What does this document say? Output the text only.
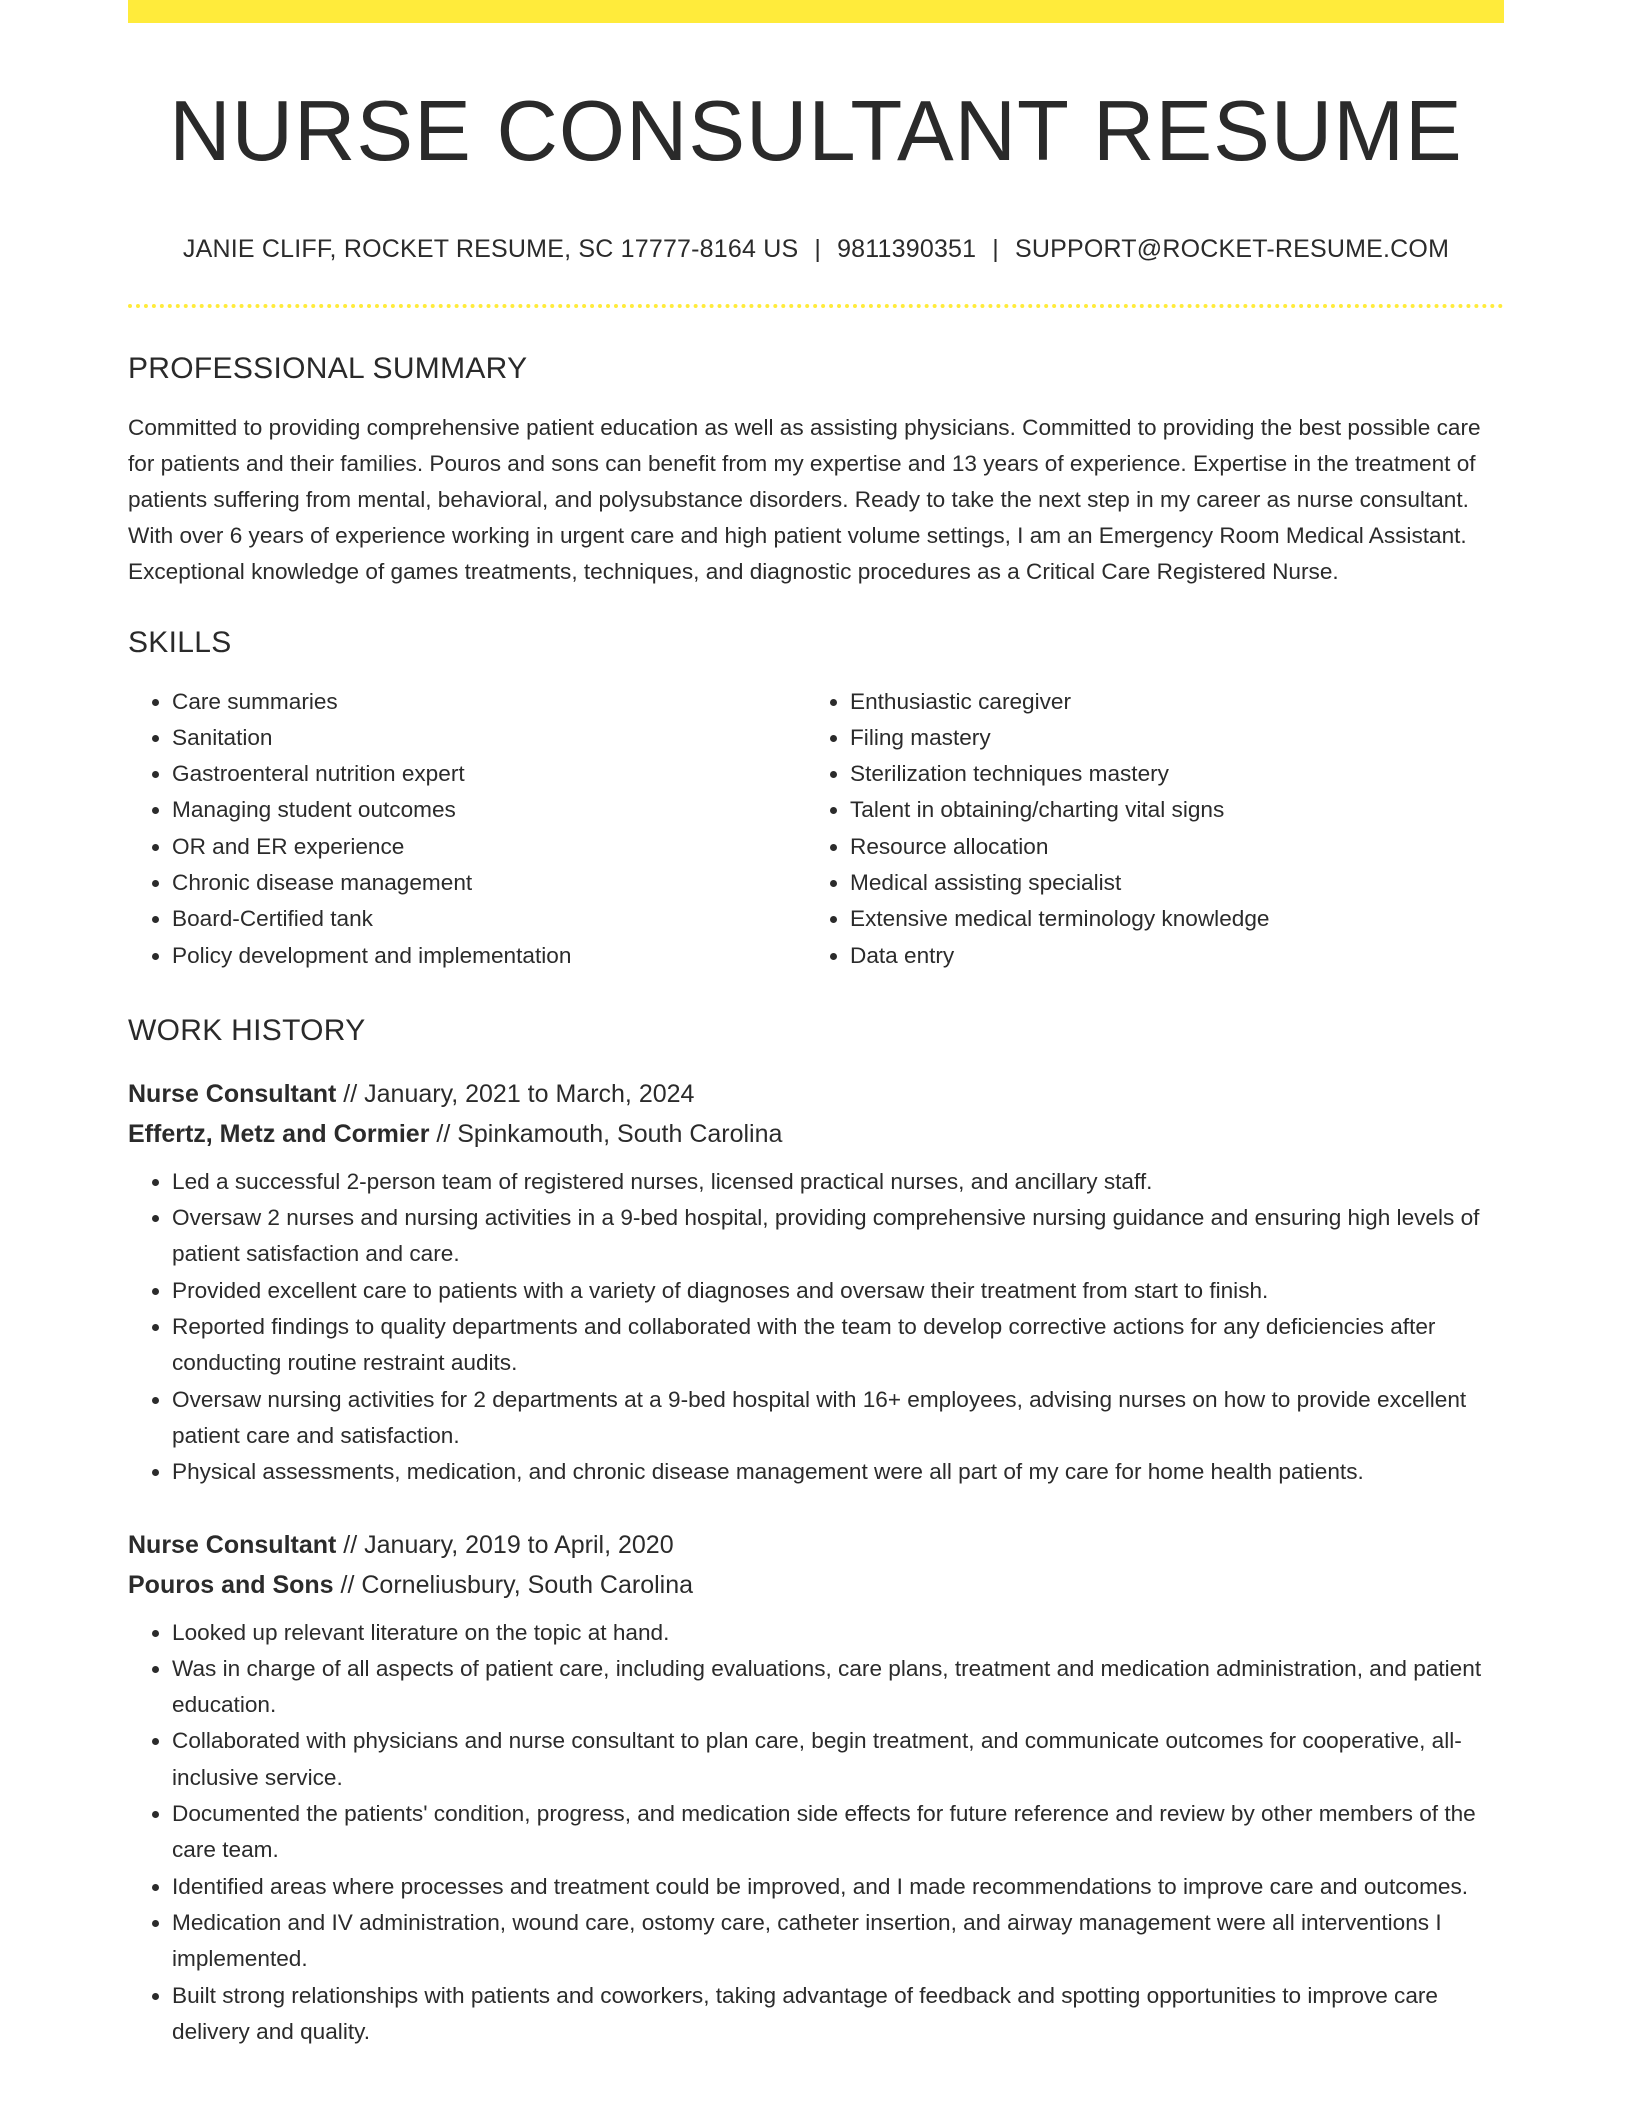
NURSE CONSULTANT RESUME
JANIE CLIFF, ROCKET RESUME, SC 17777-8164 US | 9811390351 | SUPPORT@ROCKET-RESUME.COM
PROFESSIONAL SUMMARY
Committed to providing comprehensive patient education as well as assisting physicians. Committed to providing the best possible care for patients and their families. Pouros and sons can benefit from my expertise and 13 years of experience. Expertise in the treatment of patients suffering from mental, behavioral, and polysubstance disorders. Ready to take the next step in my career as nurse consultant. With over 6 years of experience working in urgent care and high patient volume settings, I am an Emergency Room Medical Assistant. Exceptional knowledge of games treatments, techniques, and diagnostic procedures as a Critical Care Registered Nurse.
SKILLS
• Care summaries
• Sanitation
• Gastroenteral nutrition expert
• Managing student outcomes
• OR and ER experience
• Chronic disease management
• Board-Certified tank
• Policy development and implementation
• Enthusiastic caregiver
• Filing mastery
• Sterilization techniques mastery
• Talent in obtaining/charting vital signs
• Resource allocation
• Medical assisting specialist
• Extensive medical terminology knowledge
• Data entry
WORK HISTORY
Nurse Consultant // January, 2021 to March, 2024
Effertz, Metz and Cormier // Spinkamouth, South Carolina
• Led a successful 2-person team of registered nurses, licensed practical nurses, and ancillary staff.
• Oversaw 2 nurses and nursing activities in a 9-bed hospital, providing comprehensive nursing guidance and ensuring high levels of patient satisfaction and care.
• Provided excellent care to patients with a variety of diagnoses and oversaw their treatment from start to finish.
• Reported findings to quality departments and collaborated with the team to develop corrective actions for any deficiencies after conducting routine restraint audits.
• Oversaw nursing activities for 2 departments at a 9-bed hospital with 16+ employees, advising nurses on how to provide excellent patient care and satisfaction.
• Physical assessments, medication, and chronic disease management were all part of my care for home health patients.
Nurse Consultant // January, 2019 to April, 2020
Pouros and Sons // Corneliusbury, South Carolina
• Looked up relevant literature on the topic at hand.
• Was in charge of all aspects of patient care, including evaluations, care plans, treatment and medication administration, and patient education.
• Collaborated with physicians and nurse consultant to plan care, begin treatment, and communicate outcomes for cooperative, all-inclusive service.
• Documented the patients' condition, progress, and medication side effects for future reference and review by other members of the care team.
• Identified areas where processes and treatment could be improved, and I made recommendations to improve care and outcomes.
• Medication and IV administration, wound care, ostomy care, catheter insertion, and airway management were all interventions I implemented.
• Built strong relationships with patients and coworkers, taking advantage of feedback and spotting opportunities to improve care delivery and quality.
